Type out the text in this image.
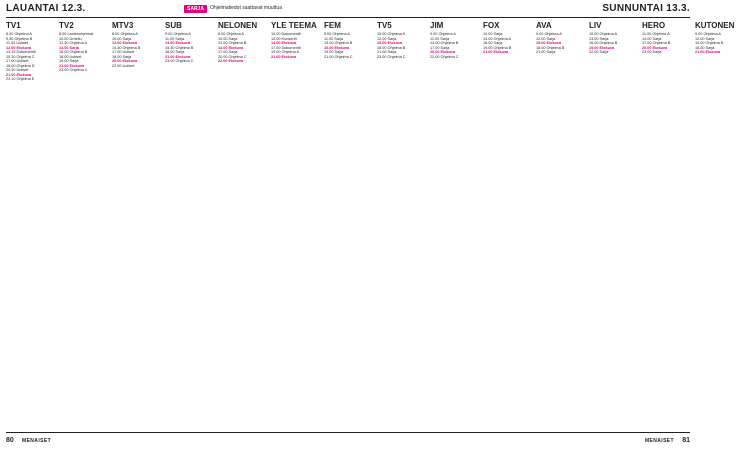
LAUANTAI 12.3.	SARJA	Ohjelmatiedot saattavat muuttua	SUNNUNTAI 13.3.
TV1
8.00 Ohjelma A
9.30 Ohjelma B
11.00 Uutiset
12.00 Elokuva
14.15 Dokumentti
15.30 Ohjelma C
17.00 Uutiset
18.00 Ohjelma D
20.30 Uutiset
21.00 Elokuva
23.10 Ohjelma E
TV2
8.00 Lastenohjelmat
10.00 Urheilu
12.30 Ohjelma A
14.00 Sarja
16.00 Ohjelma B
18.00 Uutiset
19.00 Sarja
21.00 Elokuva
23.00 Ohjelma C
MTV3
8.00 Ohjelma A
10.00 Sarja
12.00 Elokuva
14.30 Ohjelma B
17.00 Uutiset
18.00 Sarja
20.00 Elokuva
22.00 Uutiset
SUB
9.00 Ohjelma A
11.00 Sarja
13.00 Elokuva
15.30 Ohjelma B
18.00 Sarja
21.00 Elokuva
23.00 Ohjelma C
NELONEN
8.00 Ohjelma A
10.00 Sarja
12.00 Ohjelma B
14.00 Elokuva
17.00 Sarja
20.00 Ohjelma C
22.00 Elokuva
YLE TEEMA
10.00 Dokumentti
12.00 Konsertti
14.00 Elokuva
17.00 Dokumentti
19.00 Ohjelma A
21.00 Elokuva
FEM
9.00 Ohjelma A
11.00 Sarja
13.00 Ohjelma B
16.00 Elokuva
19.00 Sarja
21.00 Ohjelma C
TV5
10.00 Ohjelma A
12.00 Sarja
15.00 Elokuva
18.00 Ohjelma B
21.00 Sarja
23.00 Ohjelma C
JIM
9.00 Ohjelma A
11.00 Sarja
14.00 Ohjelma B
17.00 Sarja
20.00 Elokuva
22.00 Ohjelma C
FOX
10.00 Sarja
13.00 Ohjelma A
16.00 Sarja
19.00 Ohjelma B
21.00 Elokuva
AVA
9.00 Ohjelma A
12.00 Sarja
15.00 Elokuva
18.00 Ohjelma B
21.00 Sarja
LIV
10.00 Ohjelma A
13.00 Sarja
16.00 Ohjelma B
19.00 Elokuva
22.00 Sarja
HERO
11.00 Ohjelma A
14.00 Sarja
17.00 Ohjelma B
20.00 Elokuva
23.00 Sarja
KUTONEN
9.00 Ohjelma A
12.00 Sarja
15.00 Ohjelma B
18.00 Sarja
21.00 Elokuva
80 MENAISET	MENAISET 81
